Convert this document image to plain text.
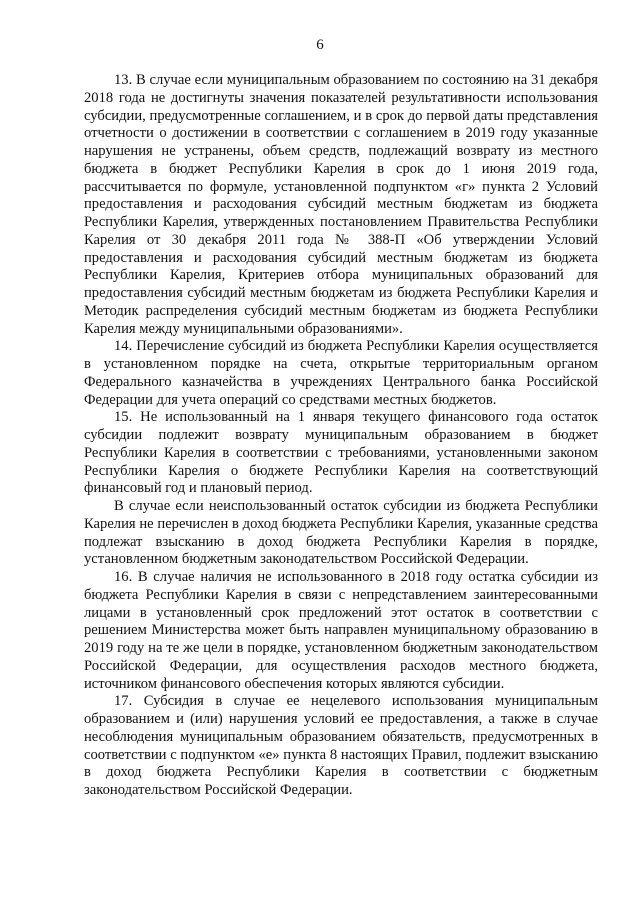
6

13. В случае если муниципальным образованием по состоянию на 31 декабря 2018 года не достигнуты значения показателей результативности использования субсидии, предусмотренные соглашением, и в срок до первой даты представления отчетности о достижении в соответствии с соглашением в 2019 году указанные нарушения не устранены, объем средств, подлежащий возврату из местного бюджета в бюджет Республики Карелия в срок до 1 июня 2019 года, рассчитывается по формуле, установленной подпунктом «г» пункта 2 Условий предоставления и расходования субсидий местным бюджетам из бюджета Республики Карелия, утвержденных постановлением Правительства Республики Карелия от 30 декабря 2011 года № 388-П «Об утверждении Условий предоставления и расходования субсидий местным бюджетам из бюджета Республики Карелия, Критериев отбора муниципальных образований для предоставления субсидий местным бюджетам из бюджета Республики Карелия и Методик распределения субсидий местным бюджетам из бюджета Республики Карелия между муниципальными образованиями».

14. Перечисление субсидий из бюджета Республики Карелия осуществляется в установленном порядке на счета, открытые территориальным органом Федерального казначейства в учреждениях Центрального банка Российской Федерации для учета операций со средствами местных бюджетов.

15. Не использованный на 1 января текущего финансового года остаток субсидии подлежит возврату муниципальным образованием в бюджет Республики Карелия в соответствии с требованиями, установленными законом Республики Карелия о бюджете Республики Карелия на соответствующий финансовый год и плановый период.

В случае если неиспользованный остаток субсидии из бюджета Республики Карелия не перечислен в доход бюджета Республики Карелия, указанные средства подлежат взысканию в доход бюджета Республики Карелия в порядке, установленном бюджетным законодательством Российской Федерации.

16. В случае наличия не использованного в 2018 году остатка субсидии из бюджета Республики Карелия в связи с непредставлением заинтересованными лицами в установленный срок предложений этот остаток в соответствии с решением Министерства может быть направлен муниципальному образованию в 2019 году на те же цели в порядке, установленном бюджетным законодательством Российской Федерации, для осуществления расходов местного бюджета, источником финансового обеспечения которых являются субсидии.

17. Субсидия в случае ее нецелевого использования муниципальным образованием и (или) нарушения условий ее предоставления, а также в случае несоблюдения муниципальным образованием обязательств, предусмотренных в соответствии с подпунктом «е» пункта 8 настоящих Правил, подлежит взысканию в доход бюджета Республики Карелия в соответствии с бюджетным законодательством Российской Федерации.
